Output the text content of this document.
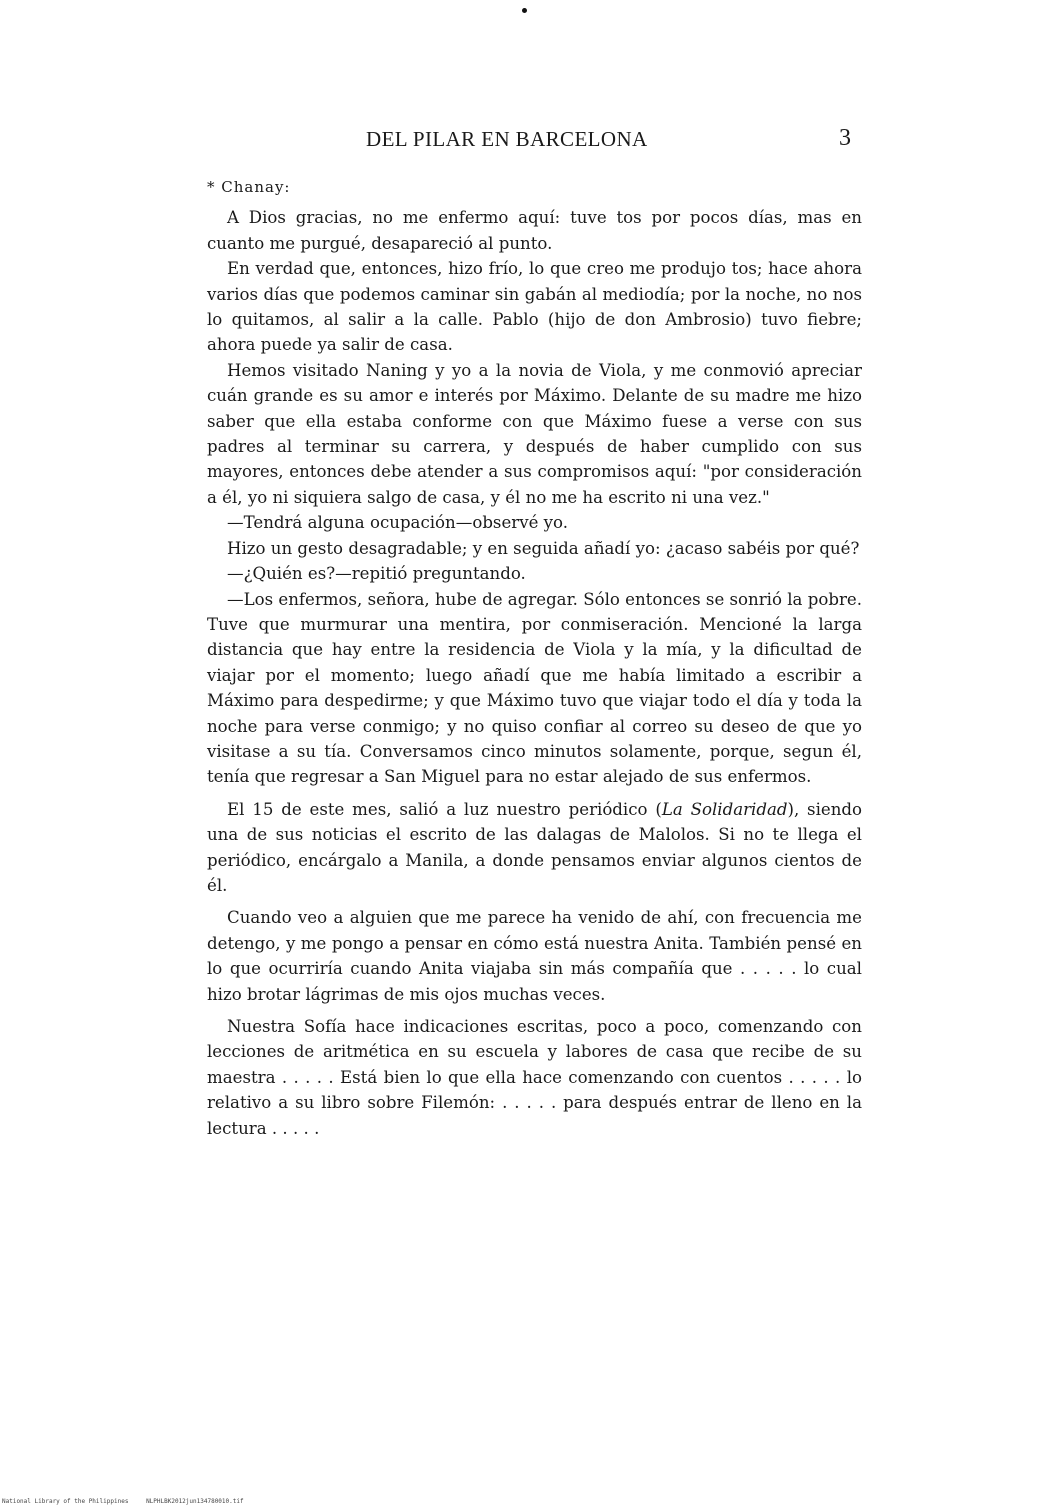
DEL PILAR EN BARCELONA	3

* Chanay:

A Dios gracias, no me enfermo aquí: tuve tos por pocos días, mas en cuanto me purgué, desapareció al punto.

En verdad que, entonces, hizo frío, lo que creo me produjo tos; hace ahora varios días que podemos caminar sin gabán al mediodía; por la noche, no nos lo quitamos, al salir a la calle. Pablo (hijo de don Ambrosio) tuvo fiebre; ahora puede ya salir de casa.

Hemos visitado Naning y yo a la novia de Viola, y me conmovió apreciar cuán grande es su amor e interés por Máximo. Delante de su madre me hizo saber que ella estaba conforme con que Máximo fuese a verse con sus padres al terminar su carrera, y después de haber cumplido con sus mayores, entonces debe atender a sus compromisos aquí: "por consideración a él, yo ni siquiera salgo de casa, y él no me ha escrito ni una vez."

—Tendrá alguna ocupación—observé yo.

Hizo un gesto desagradable; y en seguida añadí yo: ¿acaso sabéis por qué?

—¿Quién es?—repitió preguntando.

—Los enfermos, señora, hube de agregar. Sólo entonces se sonrió la pobre. Tuve que murmurar una mentira, por conmiseración. Mencioné la larga distancia que hay entre la residencia de Viola y la mía, y la dificultad de viajar por el momento; luego añadí que me había limitado a escribir a Máximo para despedirme; y que Máximo tuvo que viajar todo el día y toda la noche para verse conmigo; y no quiso confiar al correo su deseo de que yo visitase a su tía. Conversamos cinco minutos solamente, porque, segun él, tenía que regresar a San Miguel para no estar alejado de sus enfermos.

El 15 de este mes, salió a luz nuestro periódico (La Solidaridad), siendo una de sus noticias el escrito de las dalagas de Malolos. Si no te llega el periódico, encárgalo a Manila, a donde pensamos enviar algunos cientos de él.

Cuando veo a alguien que me parece ha venido de ahí, con frecuencia me detengo, y me pongo a pensar en cómo está nuestra Anita. También pensé en lo que ocurriría cuando Anita viajaba sin más compañía que . . . . . lo cual hizo brotar lágrimas de mis ojos muchas veces.

Nuestra Sofía hace indicaciones escritas, poco a poco, comenzando con lecciones de aritmética en su escuela y labores de casa que recibe de su maestra . . . . . Está bien lo que ella hace comenzando con cuentos . . . . . lo relativo a su libro sobre Filemón: . . . . . para después entrar de lleno en la lectura . . . . .

National Library of the Philippines	NLPHLBK2012jun134780010.tif
